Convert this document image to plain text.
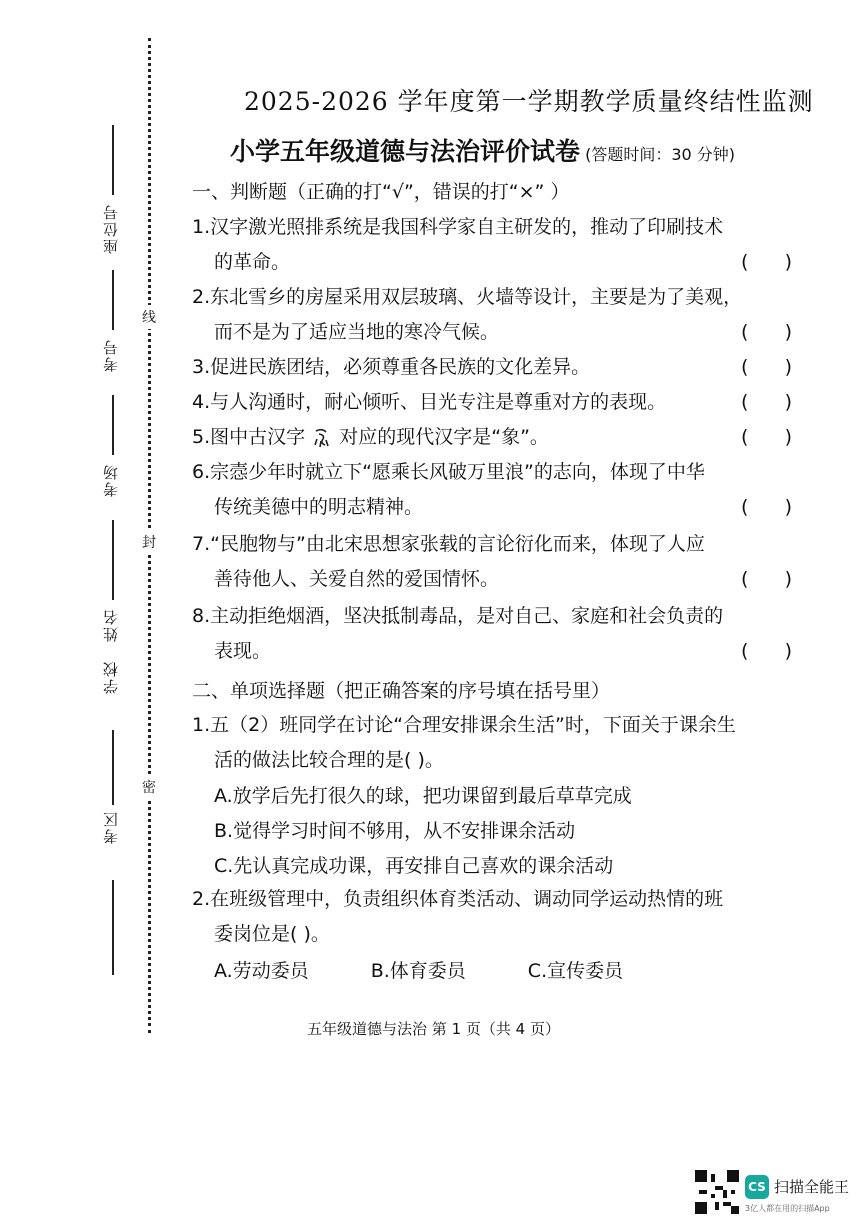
座位号
考号
考场
姓名
学校
考区
线
封
密
2025-2026 学年度第一学期教学质量终结性监测
小学五年级道德与法治评价试卷 (答题时间：30 分钟)
一、判断题（正确的打“√”，错误的打“×” ）
1.汉字激光照排系统是我国科学家自主研发的，推动了印刷技术
的革命。	(      )
2.东北雪乡的房屋采用双层玻璃、火墙等设计，主要是为了美观，
而不是为了适应当地的寒冷气候。	(      )
3.促进民族团结，必须尊重各民族的文化差异。	(      )
4.与人沟通时，耐心倾听、目光专注是尊重对方的表现。	(      )
5.图中古汉字 对应的现代汉字是“象”。	(      )
6.宗悫少年时就立下“愿乘长风破万里浪”的志向，体现了中华
传统美德中的明志精神。	(      )
7.“民胞物与”由北宋思想家张载的言论衍化而来，体现了人应
善待他人、关爱自然的爱国情怀。	(      )
8.主动拒绝烟酒，坚决抵制毒品，是对自己、家庭和社会负责的
表现。	(      )
二、单项选择题（把正确答案的序号填在括号里）
1.五（2）班同学在讨论“合理安排课余生活”时，下面关于课余生
活的做法比较合理的是( )。
A.放学后先打很久的球，把功课留到最后草草完成
B.觉得学习时间不够用，从不安排课余活动
C.先认真完成功课，再安排自己喜欢的课余活动
2.在班级管理中，负责组织体育类活动、调动同学运动热情的班
委岗位是( )。
A.劳动委员	B.体育委员	C.宣传委员
五年级道德与法治 第 1 页（共 4 页）
CS 扫描全能王
3亿人都在用的扫描App
